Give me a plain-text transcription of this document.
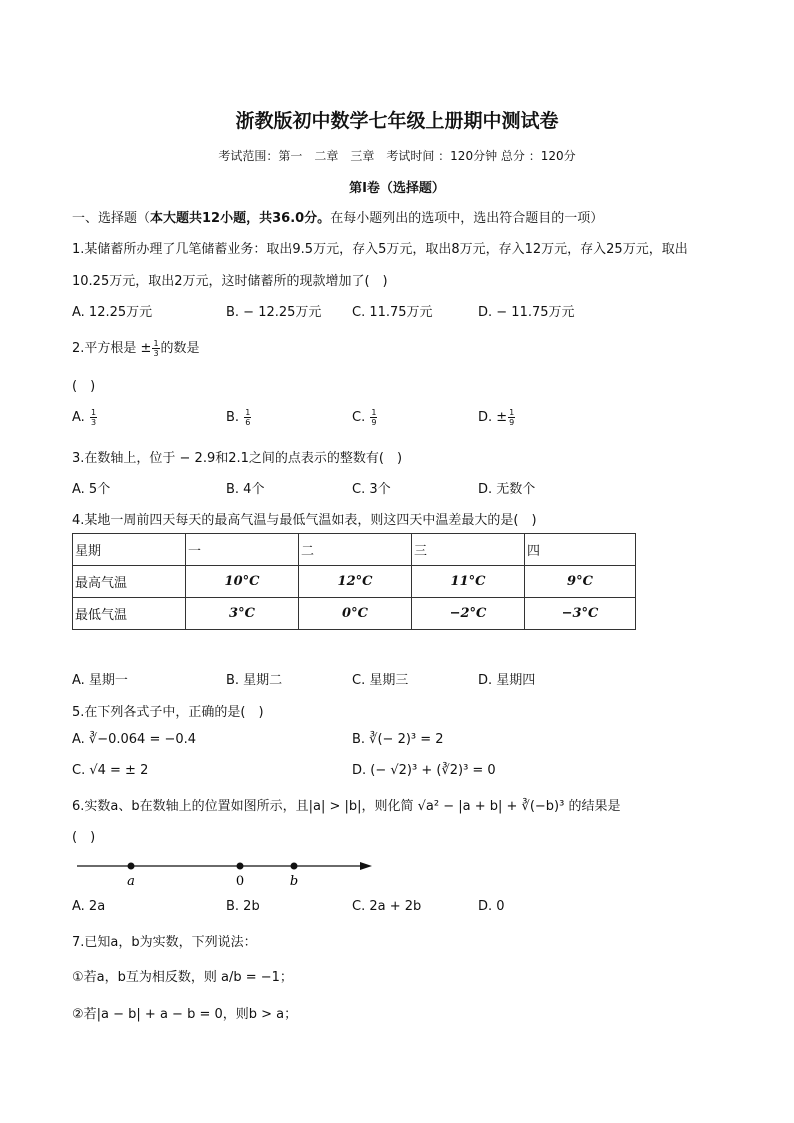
浙教版初中数学七年级上册期中测试卷
考试范围：第一　二章　三章　考试时间 ：120分钟 总分 ：120分
第Ⅰ卷（选择题）
一、选择题（本大题共12小题，共36.0分。在每小题列出的选项中，选出符合题目的一项）
1.某储蓄所办理了几笔储蓄业务：取出9.5万元，存入5万元，取出8万元，存入12万元，存入25万元，取出
10.25万元，取出2万元，这时储蓄所的现款增加了(　)
A. 12.25万元	B. − 12.25万元 C. 11.75万元	D. − 11.75万元
2.平方根是 ± $\frac{1}{3}$ 的数是
(　)
A. $\frac{1}{3}$	B. $\frac{1}{6}$	C. $\frac{1}{9}$	D. ± $\frac{1}{9}$
3.在数轴上，位于 − 2.9和2.1之间的点表示的整数有(　)
A. 5个	B. 4个	C. 3个	D. 无数个
4.某地一周前四天每天的最高气温与最低气温如表，则这四天中温差最大的是(　)
星期	一	二	三	四
最高气温	10°C	12°C	11°C	9°C
最低气温	3°C	0°C	−2°C	−3°C
A. 星期一	B. 星期二	C. 星期三	D. 星期四
5.在下列各式子中，正确的是(　)
A. ∛−0.064 = −0.4	B. ∛(− 2)³ = 2
C. √4 = ± 2	D. (− √2)³ + (∛2)³ = 0
6.实数a、b在数轴上的位置如图所示，且|a| > |b|，则化简 √a² − |a + b| + ∛(−b)³ 的结果是
(　)
a	0	b
A. 2a	B. 2b	C. 2a + 2b	D. 0
7.已知a，b为实数，下列说法：
①若a，b互为相反数，则 a/b = −1；
②若|a − b| + a − b = 0，则b > a；
